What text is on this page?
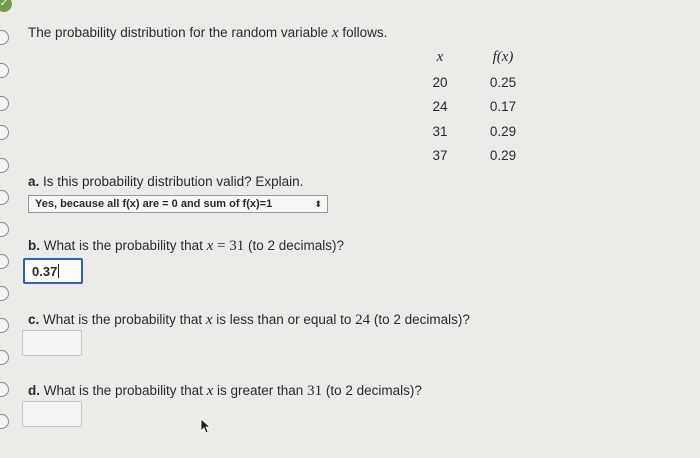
✓
The probability distribution for the random variable x follows.
x	f(x)
20	0.25
24	0.17
31	0.29
37	0.29
a. Is this probability distribution valid? Explain.
Yes, because all f(x) are = 0 and sum of f(x)=1	⬍
b. What is the probability that x = 31 (to 2 decimals)?
0.37
c. What is the probability that x is less than or equal to 24 (to 2 decimals)?
d. What is the probability that x is greater than 31 (to 2 decimals)?
